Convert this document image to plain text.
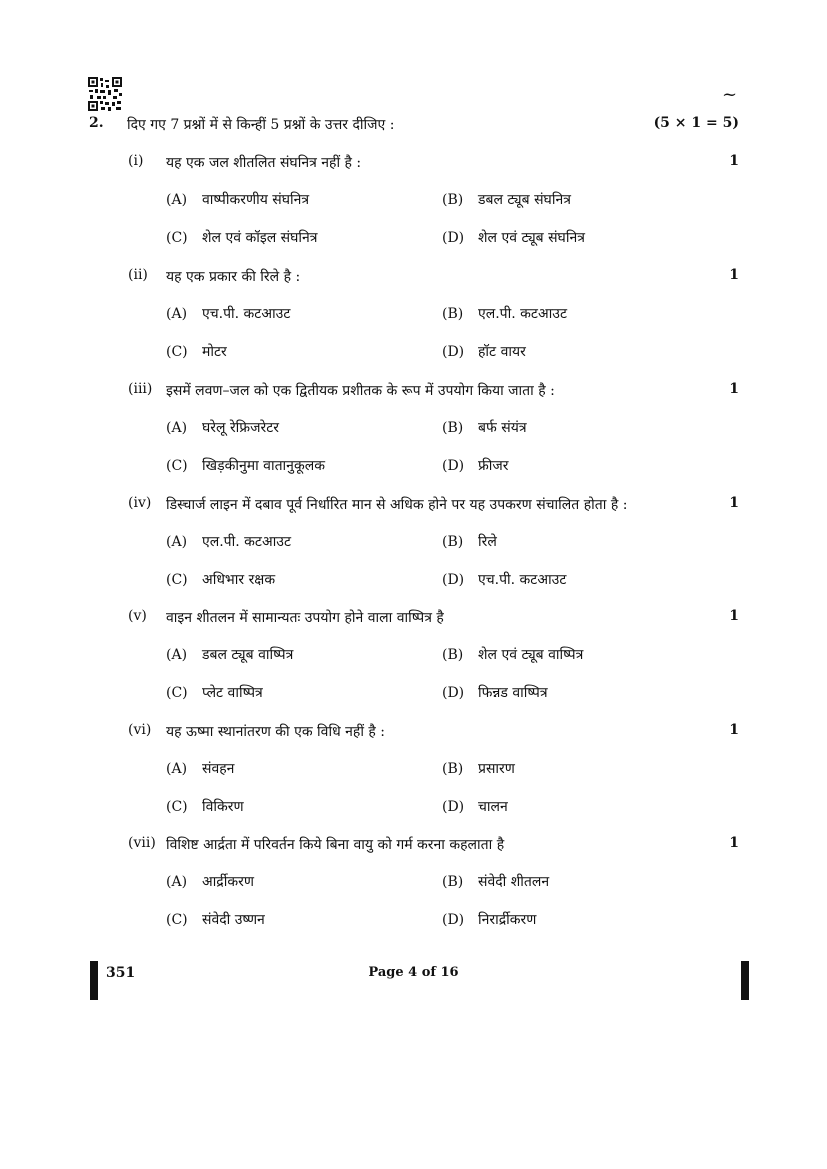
~
2. दिए गए 7 प्रश्नों में से किन्हीं 5 प्रश्नों के उत्तर दीजिए :	(5 × 1 = 5)
(i) यह एक जल शीतलित संघनित्र नहीं है :	1
(A) वाष्पीकरणीय संघनित्र	(B) डबल ट्यूब संघनित्र
(C) शेल एवं कॉइल संघनित्र	(D) शेल एवं ट्यूब संघनित्र
(ii) यह एक प्रकार की रिले है :	1
(A) एच.पी. कटआउट	(B) एल.पी. कटआउट
(C) मोटर	(D) हॉट वायर
(iii) इसमें लवण–जल को एक द्वितीयक प्रशीतक के रूप में उपयोग किया जाता है :	1
(A) घरेलू रेफ्रिजरेटर	(B) बर्फ संयंत्र
(C) खिड़कीनुमा वातानुकूलक	(D) फ्रीजर
(iv) डिस्चार्ज लाइन में दबाव पूर्व निर्धारित मान से अधिक होने पर यह उपकरण संचालित होता है :	1
(A) एल.पी. कटआउट	(B) रिले
(C) अधिभार रक्षक	(D) एच.पी. कटआउट
(v) वाइन शीतलन में सामान्यतः उपयोग होने वाला वाष्पित्र है	1
(A) डबल ट्यूब वाष्पित्र	(B) शेल एवं ट्यूब वाष्पित्र
(C) प्लेट वाष्पित्र	(D) फिन्नड वाष्पित्र
(vi) यह ऊष्मा स्थानांतरण की एक विधि नहीं है :	1
(A) संवहन	(B) प्रसारण
(C) विकिरण	(D) चालन
(vii) विशिष्ट आर्द्रता में परिवर्तन किये बिना वायु को गर्म करना कहलाता है	1
(A) आर्द्रीकरण	(B) संवेदी शीतलन
(C) संवेदी उष्णन	(D) निरार्द्रीकरण
351	Page 4 of 16
